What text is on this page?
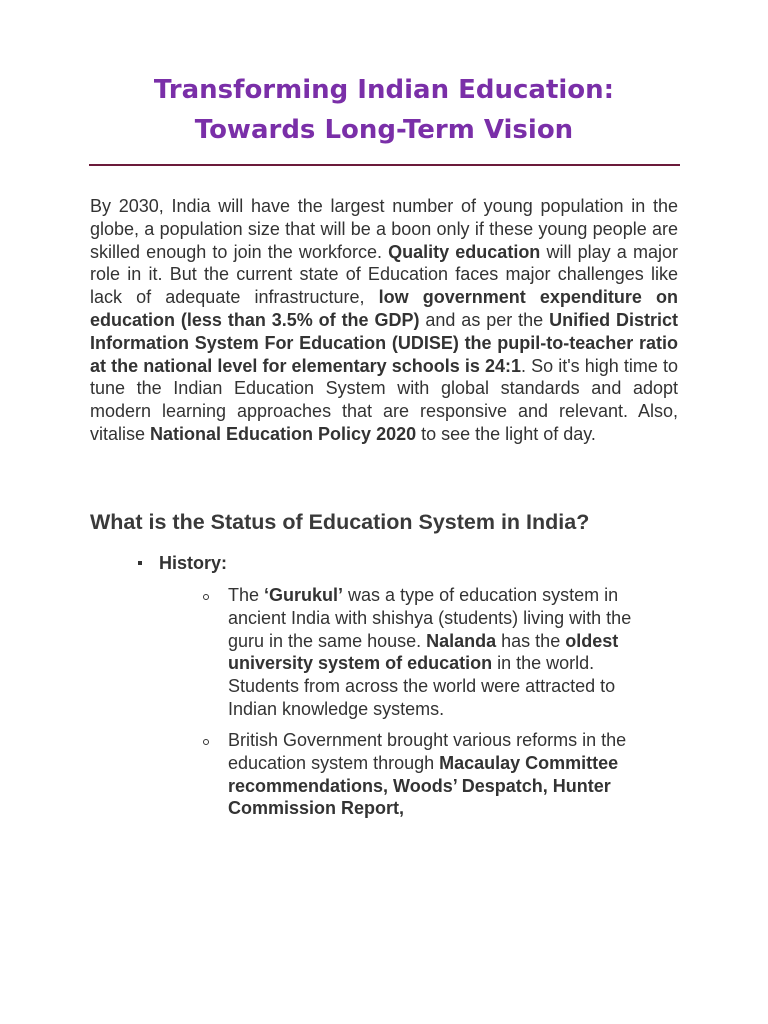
Transforming Indian Education: Towards Long-Term Vision

By 2030, India will have the largest number of young population in the globe, a population size that will be a boon only if these young people are skilled enough to join the workforce. Quality education will play a major role in it. But the current state of Education faces major challenges like lack of adequate infrastructure, low government expenditure on education (less than 3.5% of the GDP) and as per the Unified District Information System For Education (UDISE) the pupil-to-teacher ratio at the national level for elementary schools is 24:1. So it's high time to tune the Indian Education System with global standards and adopt modern learning approaches that are responsive and relevant. Also, vitalise National Education Policy 2020 to see the light of day.

What is the Status of Education System in India?
History:
The ‘Gurukul’ was a type of education system in ancient India with shishya (students) living with the guru in the same house. Nalanda has the oldest university system of education in the world. Students from across the world were attracted to Indian knowledge systems.
British Government brought various reforms in the education system through Macaulay Committee recommendations, Woods’ Despatch, Hunter Commission Report,
